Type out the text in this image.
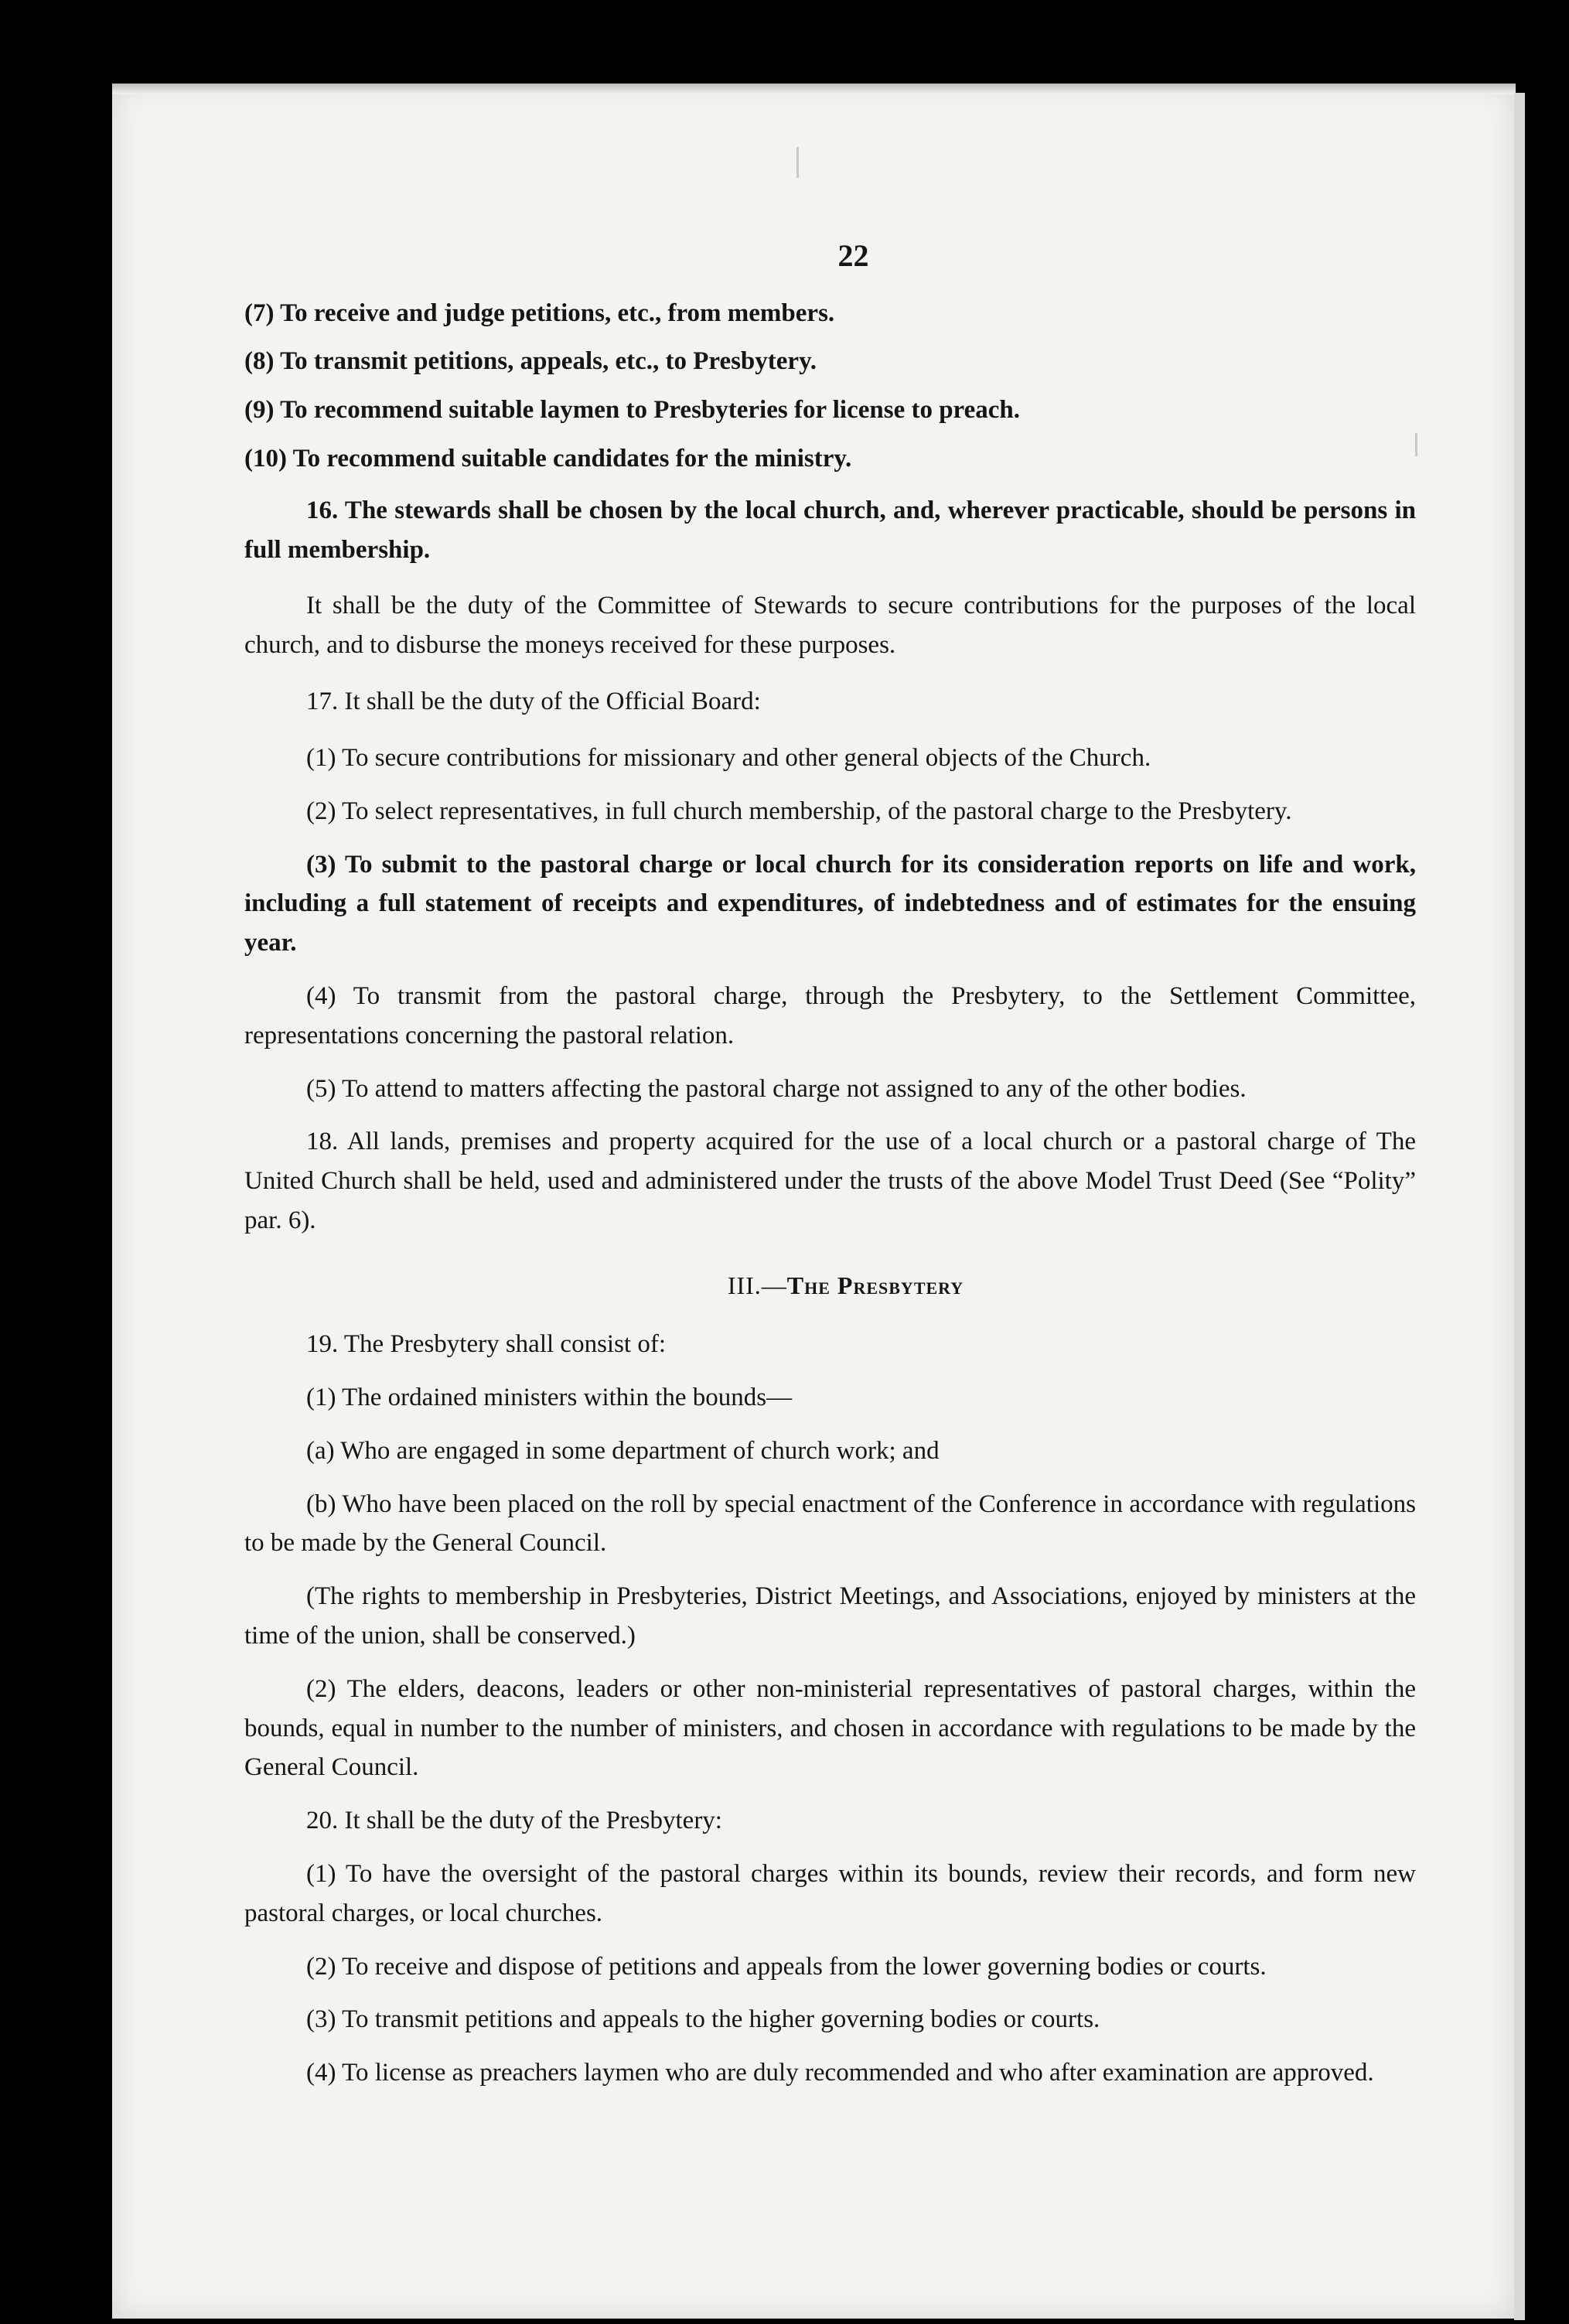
22
(7) To receive and judge petitions, etc., from members.
(8) To transmit petitions, appeals, etc., to Presbytery.
(9) To recommend suitable laymen to Presbyteries for license to preach.
(10) To recommend suitable candidates for the ministry.
16. The stewards shall be chosen by the local church, and, wherever practicable, should be persons in full membership.
It shall be the duty of the Committee of Stewards to secure contributions for the purposes of the local church, and to disburse the moneys received for these purposes.
17. It shall be the duty of the Official Board:
(1) To secure contributions for missionary and other general objects of the Church.
(2) To select representatives, in full church membership, of the pastoral charge to the Presbytery.
(3) To submit to the pastoral charge or local church for its consideration reports on life and work, including a full statement of receipts and expenditures, of indebtedness and of estimates for the ensuing year.
(4) To transmit from the pastoral charge, through the Presbytery, to the Settlement Committee, representations concerning the pastoral relation.
(5) To attend to matters affecting the pastoral charge not assigned to any of the other bodies.
18. All lands, premises and property acquired for the use of a local church or a pastoral charge of The United Church shall be held, used and administered under the trusts of the above Model Trust Deed (See “Polity” par. 6).
III.—The Presbytery
19. The Presbytery shall consist of:
(1) The ordained ministers within the bounds—
(a) Who are engaged in some department of church work; and
(b) Who have been placed on the roll by special enactment of the Conference in accordance with regulations to be made by the General Council.
(The rights to membership in Presbyteries, District Meetings, and Associations, enjoyed by ministers at the time of the union, shall be conserved.)
(2) The elders, deacons, leaders or other non-ministerial representatives of pastoral charges, within the bounds, equal in number to the number of ministers, and chosen in accordance with regulations to be made by the General Council.
20. It shall be the duty of the Presbytery:
(1) To have the oversight of the pastoral charges within its bounds, review their records, and form new pastoral charges, or local churches.
(2) To receive and dispose of petitions and appeals from the lower governing bodies or courts.
(3) To transmit petitions and appeals to the higher governing bodies or courts.
(4) To license as preachers laymen who are duly recommended and who after examination are approved.
